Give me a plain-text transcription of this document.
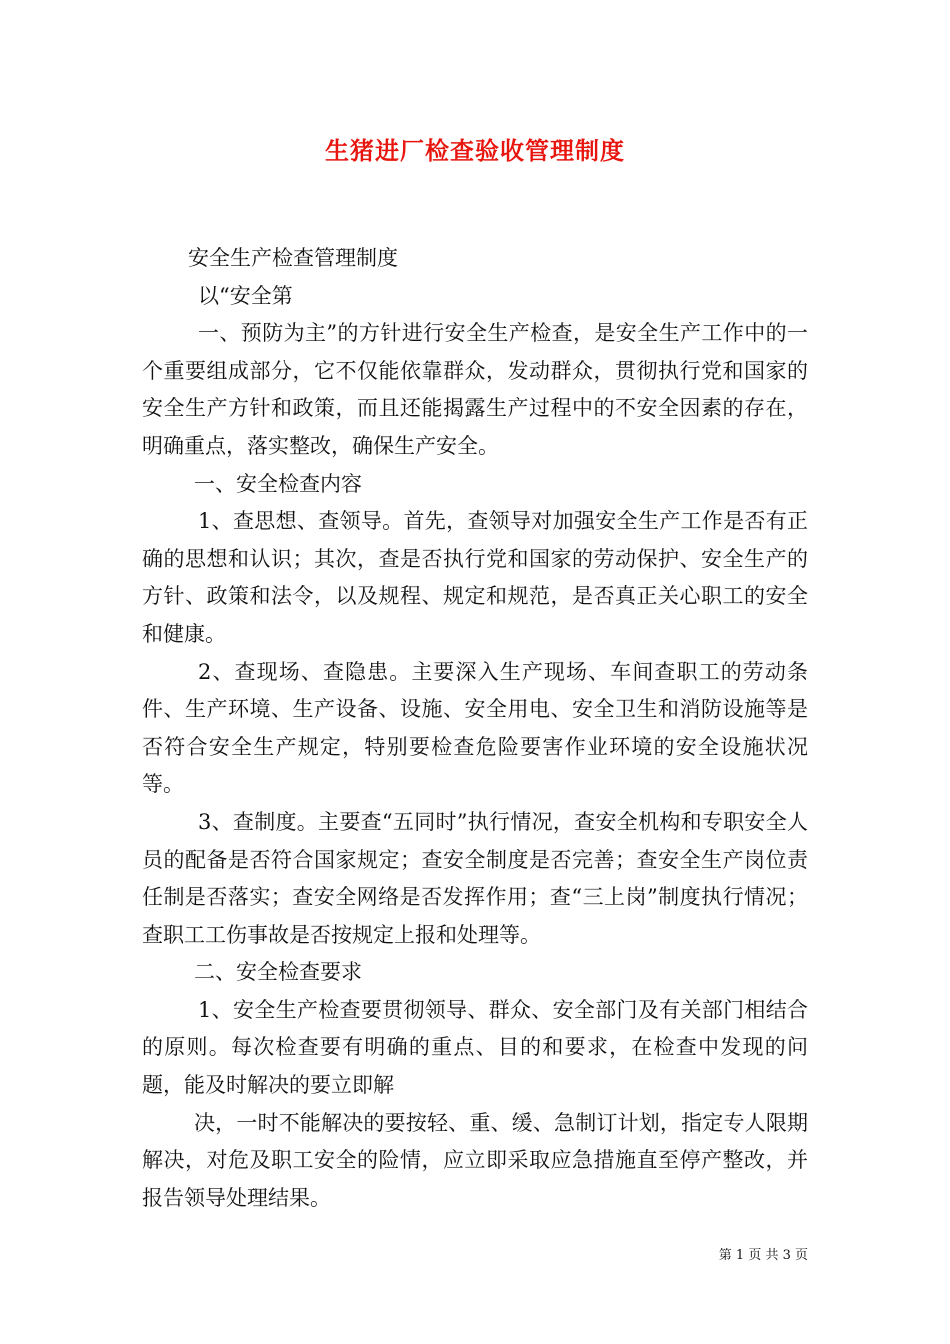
生猪进厂检查验收管理制度

安全生产检查管理制度

以“安全第

一、预防为主”的方针进行安全生产检查，是安全生产工作中的一个重要组成部分，它不仅能依靠群众，发动群众，贯彻执行党和国家的安全生产方针和政策，而且还能揭露生产过程中的不安全因素的存在，明确重点，落实整改，确保生产安全。

一、安全检查内容

1、查思想、查领导。首先，查领导对加强安全生产工作是否有正确的思想和认识；其次，查是否执行党和国家的劳动保护、安全生产的方针、政策和法令，以及规程、规定和规范，是否真正关心职工的安全和健康。

2、查现场、查隐患。主要深入生产现场、车间查职工的劳动条件、生产环境、生产设备、设施、安全用电、安全卫生和消防设施等是否符合安全生产规定，特别要检查危险要害作业环境的安全设施状况等。

3、查制度。主要查“五同时”执行情况，查安全机构和专职安全人员的配备是否符合国家规定；查安全制度是否完善；查安全生产岗位责任制是否落实；查安全网络是否发挥作用；查“三上岗”制度执行情况；查职工工伤事故是否按规定上报和处理等。

二、安全检查要求

1、安全生产检查要贯彻领导、群众、安全部门及有关部门相结合的原则。每次检查要有明确的重点、目的和要求，在检查中发现的问题，能及时解决的要立即解

决，一时不能解决的要按轻、重、缓、急制订计划，指定专人限期解决，对危及职工安全的险情，应立即采取应急措施直至停产整改，并报告领导处理结果。

第 1 页 共 3 页
